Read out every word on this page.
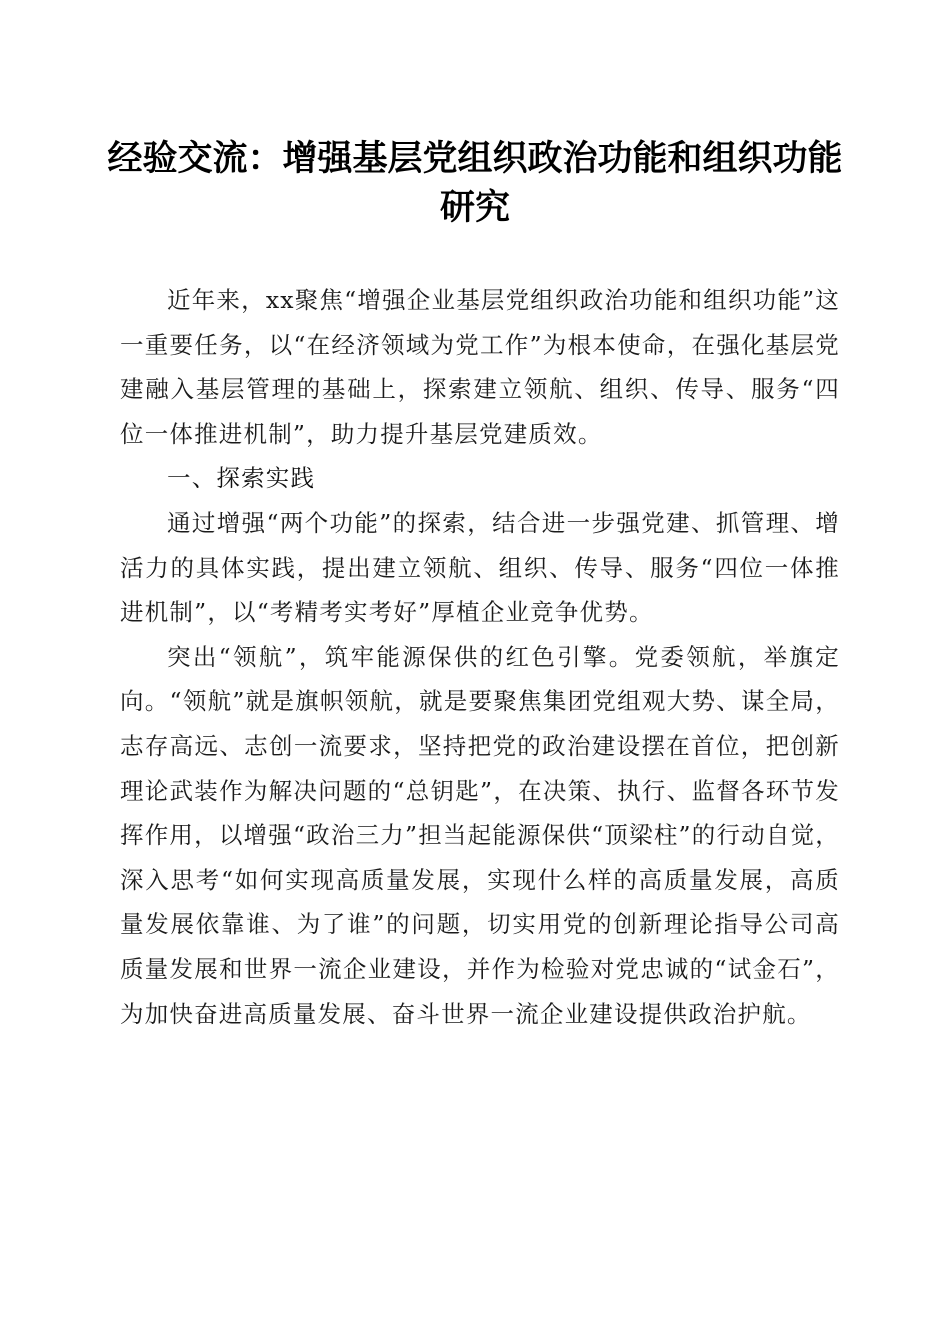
经验交流：增强基层党组织政治功能和组织功能研究

近年来，xx聚焦“增强企业基层党组织政治功能和组织功能”这一重要任务，以“在经济领域为党工作”为根本使命，在强化基层党建融入基层管理的基础上，探索建立领航、组织、传导、服务“四位一体推进机制”，助力提升基层党建质效。

一、探索实践

通过增强“两个功能”的探索，结合进一步强党建、抓管理、增活力的具体实践，提出建立领航、组织、传导、服务“四位一体推进机制”，以“考精考实考好”厚植企业竞争优势。

突出“领航”，筑牢能源保供的红色引擎。党委领航，举旗定向。“领航”就是旗帜领航，就是要聚焦集团党组观大势、谋全局，志存高远、志创一流要求，坚持把党的政治建设摆在首位，把创新理论武装作为解决问题的“总钥匙”，在决策、执行、监督各环节发挥作用，以增强“政治三力”担当起能源保供“顶梁柱”的行动自觉，深入思考“如何实现高质量发展，实现什么样的高质量发展，高质量发展依靠谁、为了谁”的问题，切实用党的创新理论指导公司高质量发展和世界一流企业建设，并作为检验对党忠诚的“试金石”，为加快奋进高质量发展、奋斗世界一流企业建设提供政治护航。
